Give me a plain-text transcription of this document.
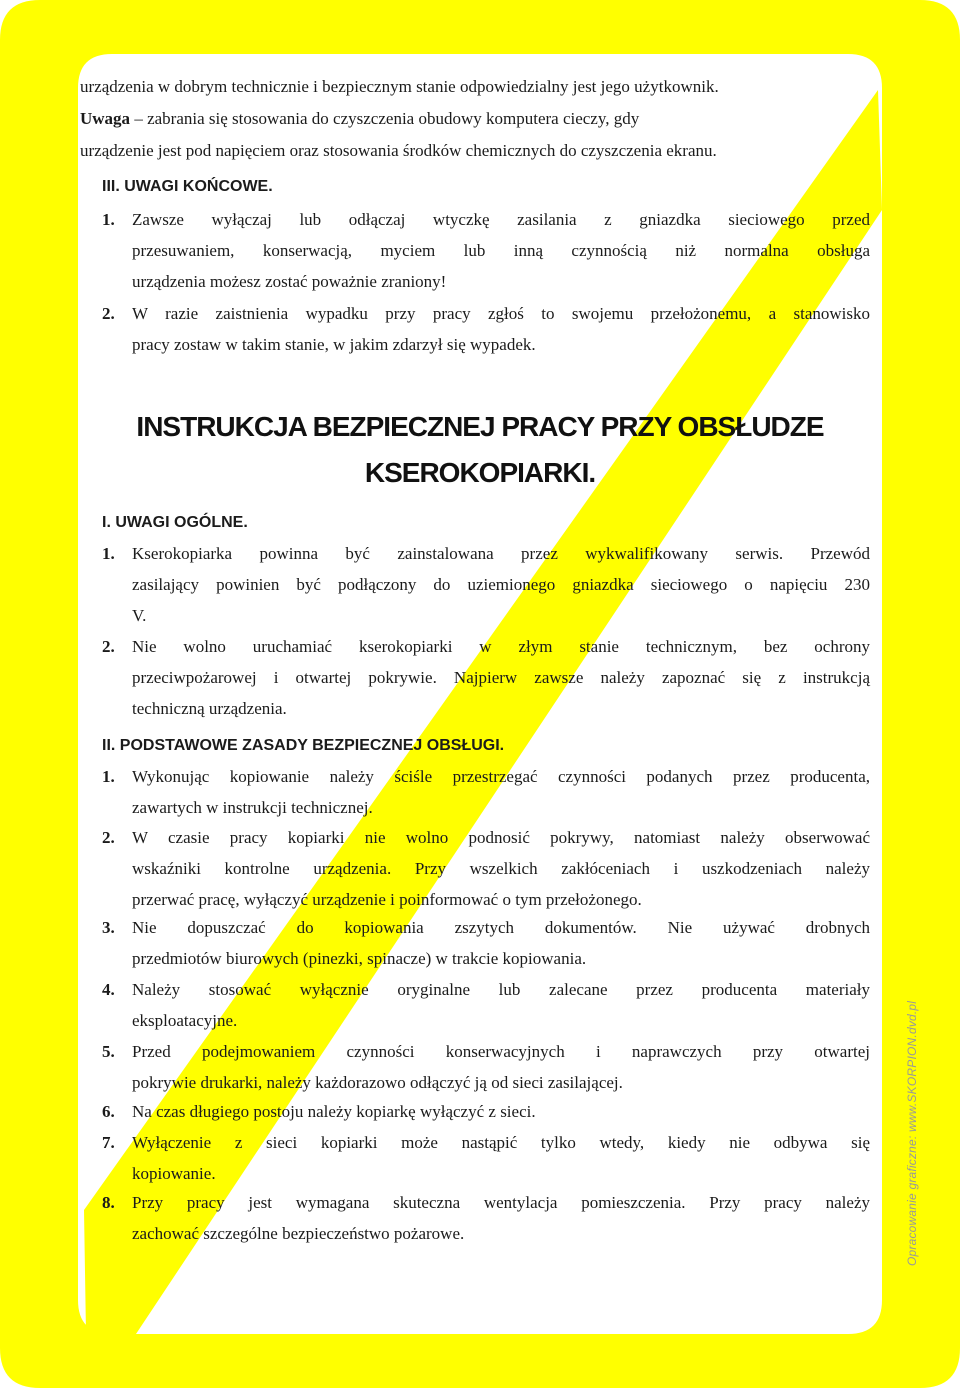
urządzenia w dobrym technicznie i bezpiecznym stanie odpowiedzialny jest jego użytkownik.
Uwaga – zabrania się stosowania do czyszczenia obudowy komputera cieczy, gdy
urządzenie jest pod napięciem oraz stosowania środków chemicznych do czyszczenia ekranu.
III. UWAGI KOŃCOWE.
1. Zawsze wyłączaj lub odłączaj wtyczkę zasilania z gniazdka sieciowego przed
przesuwaniem, konserwacją, myciem lub inną czynnością niż normalna obsługa
urządzenia możesz zostać poważnie zraniony!
2. W razie zaistnienia wypadku przy pracy zgłoś to swojemu przełożonemu, a stanowisko
pracy zostaw w takim stanie, w jakim zdarzył się wypadek.
INSTRUKCJA BEZPIECZNEJ PRACY PRZY OBSŁUDZE
KSEROKOPIARKI.
I. UWAGI OGÓLNE.
1. Kserokopiarka powinna być zainstalowana przez wykwalifikowany serwis. Przewód
zasilający powinien być podłączony do uziemionego gniazdka sieciowego o napięciu 230
V.
2. Nie wolno uruchamiać kserokopiarki w złym stanie technicznym, bez ochrony
przeciwpożarowej i otwartej pokrywie. Najpierw zawsze należy zapoznać się z instrukcją
techniczną urządzenia.
II. PODSTAWOWE ZASADY BEZPIECZNEJ OBSŁUGI.
1. Wykonując kopiowanie należy ściśle przestrzegać czynności podanych przez producenta,
zawartych w instrukcji technicznej.
2. W czasie pracy kopiarki nie wolno podnosić pokrywy, natomiast należy obserwować
wskaźniki kontrolne urządzenia. Przy wszelkich zakłóceniach i uszkodzeniach należy
przerwać pracę, wyłączyć urządzenie i poinformować o tym przełożonego.
3. Nie dopuszczać do kopiowania zszytych dokumentów. Nie używać drobnych
przedmiotów biurowych (pinezki, spinacze) w trakcie kopiowania.
4. Należy stosować wyłącznie oryginalne lub zalecane przez producenta materiały
eksploatacyjne.
5. Przed podejmowaniem czynności konserwacyjnych i naprawczych przy otwartej
pokrywie drukarki, należy każdorazowo odłączyć ją od sieci zasilającej.
6. Na czas długiego postoju należy kopiarkę wyłączyć z sieci.
7. Wyłączenie z sieci kopiarki może nastąpić tylko wtedy, kiedy nie odbywa się
kopiowanie.
8. Przy pracy jest wymagana skuteczna wentylacja pomieszczenia. Przy pracy należy
zachować szczególne bezpieczeństwo pożarowe.	Opracowanie graficzne: www.SKORPION.dvd.pl
